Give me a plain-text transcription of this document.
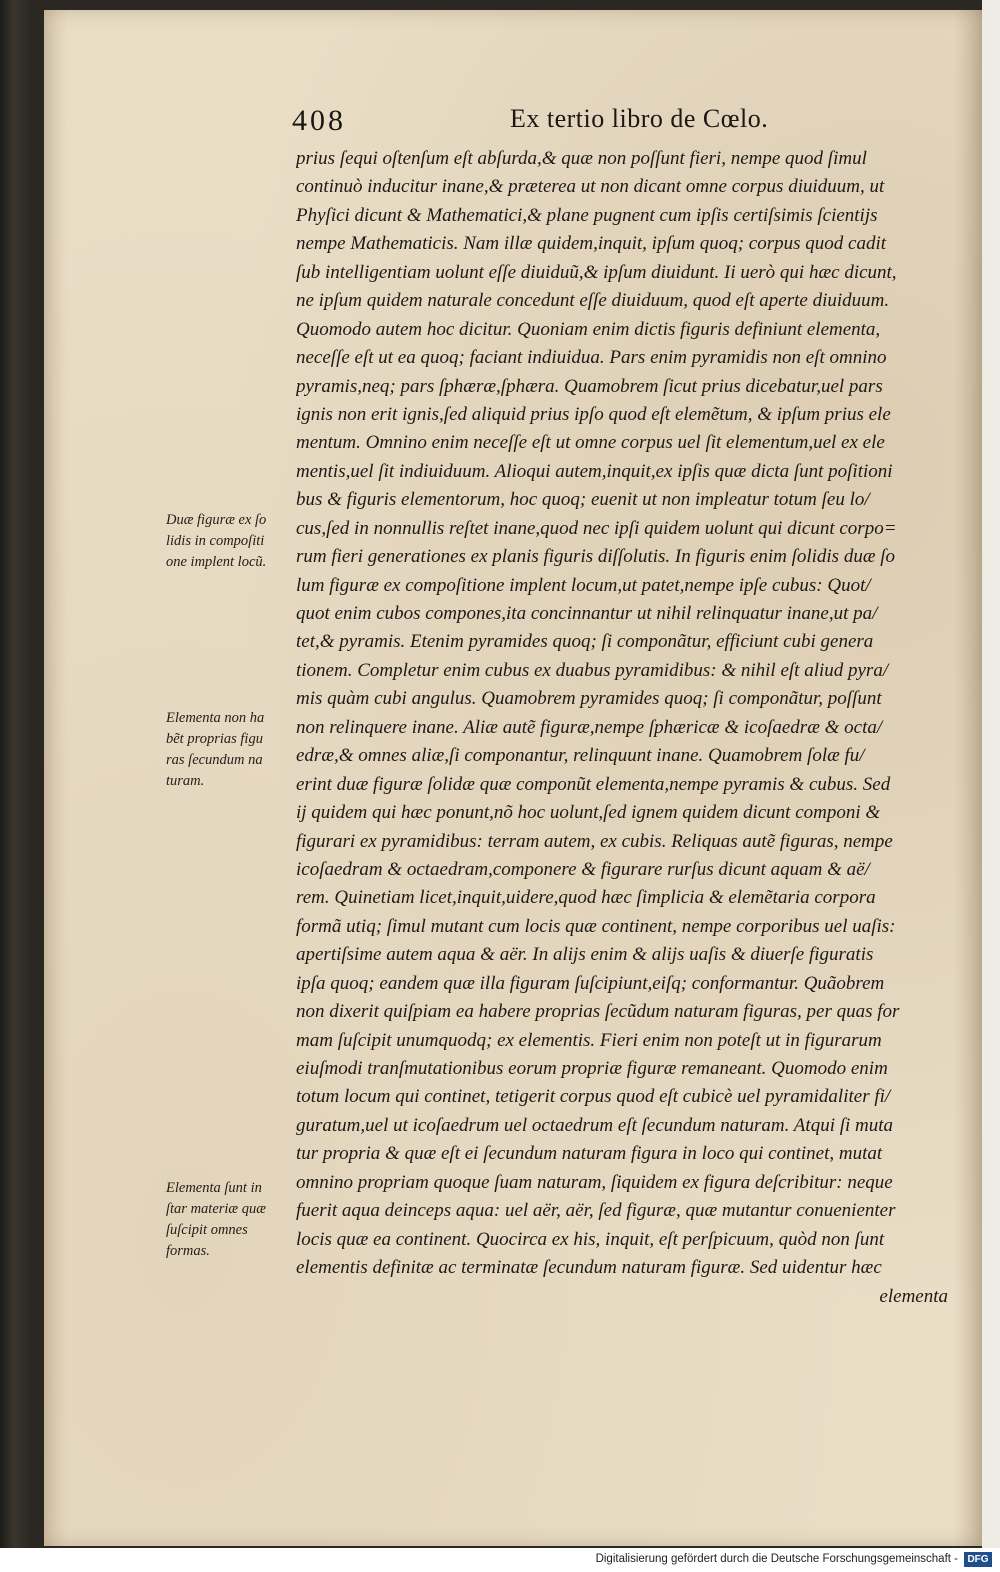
408	Ex tertio libro de Cœlo.
prius ſequi oſtenſum eſt abſurda,& quæ non poſſunt fieri, nempe quod ſimul
continuò inducitur inane,& præterea ut non dicant omne corpus diuiduum, ut
Phyſici dicunt & Mathematici,& plane pugnent cum ipſis certiſsimis ſcientijs
nempe Mathematicis. Nam illæ quidem,inquit, ipſum quoq; corpus quod cadit
ſub intelligentiam uolunt eſſe diuiduũ,& ipſum diuidunt. Ii uerò qui hæc dicunt,
ne ipſum quidem naturale concedunt eſſe diuiduum, quod eſt aperte diuiduum.
Quomodo autem hoc dicitur. Quoniam enim dictis figuris definiunt elementa,
neceſſe eſt ut ea quoq; faciant indiuidua. Pars enim pyramidis non eſt omnino
pyramis,neq; pars ſphæræ,ſphæra. Quamobrem ſicut prius dicebatur,uel pars
ignis non erit ignis,ſed aliquid prius ipſo quod eſt elemẽtum, & ipſum prius ele
mentum. Omnino enim neceſſe eſt ut omne corpus uel ſit elementum,uel ex ele
mentis,uel ſit indiuiduum. Alioqui autem,inquit,ex ipſis quæ dicta ſunt poſitioni
bus & figuris elementorum, hoc quoq; euenit ut non impleatur totum ſeu lo/
cus,ſed in nonnullis reſtet inane,quod nec ipſi quidem uolunt qui dicunt corpo=
rum fieri generationes ex planis figuris diſſolutis. In figuris enim ſolidis duæ ſo
lum figuræ ex compoſitione implent locum,ut patet,nempe ipſe cubus: Quot/
quot enim cubos compones,ita concinnantur ut nihil relinquatur inane,ut pa/
tet,& pyramis. Etenim pyramides quoq; ſi componãtur, efficiunt cubi genera
tionem. Completur enim cubus ex duabus pyramidibus: & nihil eſt aliud pyra/
mis quàm cubi angulus. Quamobrem pyramides quoq; ſi componãtur, poſſunt
non relinquere inane. Aliæ autẽ figuræ,nempe ſphæricæ & icoſaedræ & octa/
edræ,& omnes aliæ,ſi componantur, relinquunt inane. Quamobrem ſolæ fu/
erint duæ figuræ ſolidæ quæ componũt elementa,nempe pyramis & cubus. Sed
ij quidem qui hæc ponunt,nõ hoc uolunt,ſed ignem quidem dicunt componi &
figurari ex pyramidibus: terram autem, ex cubis. Reliquas autẽ figuras, nempe
icoſaedram & octaedram,componere & figurare rurſus dicunt aquam & aë/
rem. Quinetiam licet,inquit,uidere,quod hæc ſimplicia & elemẽtaria corpora
formã utiq; ſimul mutant cum locis quæ continent, nempe corporibus uel uaſis:
apertiſsime autem aqua & aër. In alijs enim & alijs uaſis & diuerſe figuratis
ipſa quoq; eandem quæ illa figuram ſuſcipiunt,eiſq; conformantur. Quãobrem
non dixerit quiſpiam ea habere proprias ſecũdum naturam figuras, per quas for
mam ſuſcipit unumquodq; ex elementis. Fieri enim non poteſt ut in figurarum
eiuſmodi tranſmutationibus eorum propriæ figuræ remaneant. Quomodo enim
totum locum qui continet, tetigerit corpus quod eſt cubicè uel pyramidaliter fi/
guratum,uel ut icoſaedrum uel octaedrum eſt ſecundum naturam. Atqui ſi muta
tur propria & quæ eſt ei ſecundum naturam figura in loco qui continet, mutat
omnino propriam quoque ſuam naturam, ſiquidem ex figura deſcribitur: neque
fuerit aqua deinceps aqua: uel aër, aër, ſed figuræ, quæ mutantur conuenienter
locis quæ ea continent. Quocirca ex his, inquit, eſt perſpicuum, quòd non ſunt
elementis definitæ ac terminatæ ſecundum naturam figuræ. Sed uidentur hæc
elementa
Duæ figuræ ex ſo
lidis in compoſiti
one implent locũ.
Elementa non ha
bẽt proprias figu
ras ſecundum na
turam.
Elementa ſunt in
ſtar materiæ quæ
ſuſcipit omnes
formas.
Digitalisierung gefördert durch die Deutsche Forschungsgemeinschaft - DFG
